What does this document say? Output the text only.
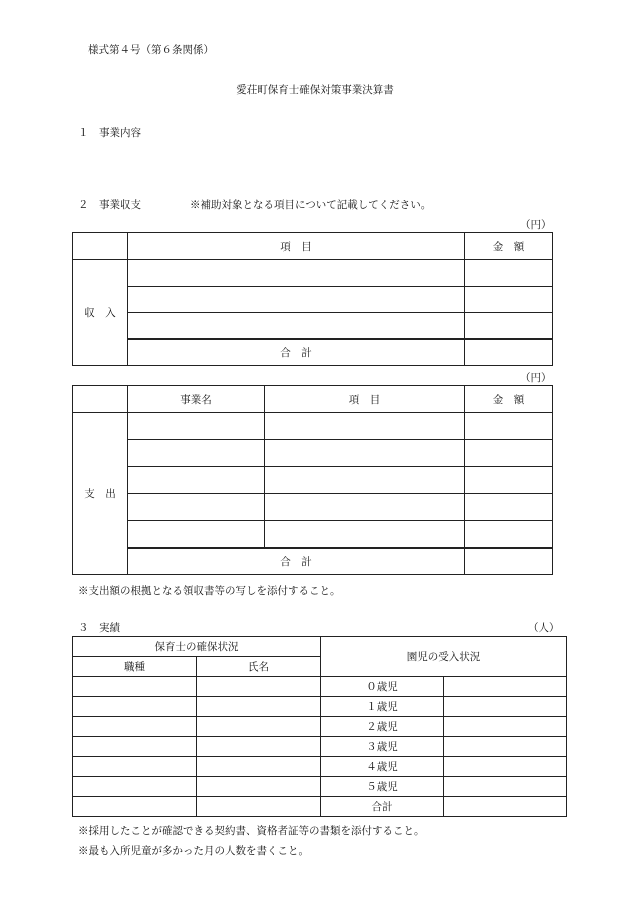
様式第４号（第６条関係）
愛荘町保育士確保対策事業決算書
１　事業内容
２　事業収支	※補助対象となる項目について記載してください。
（円）
	項　目	金　額
収　入		

	合　計	
（円）
	事業名	項　目	金　額
支　出			

	合　計		
※支出額の根拠となる領収書等の写しを添付すること。
３　実績	（人）
保育士の確保状況		園児の受入状況	
職種	氏名		
		０歳児	
		１歳児	
		２歳児	
		３歳児	
		４歳児	
		５歳児	
		合計	
※採用したことが確認できる契約書、資格者証等の書類を添付すること。
※最も入所児童が多かった月の人数を書くこと。
